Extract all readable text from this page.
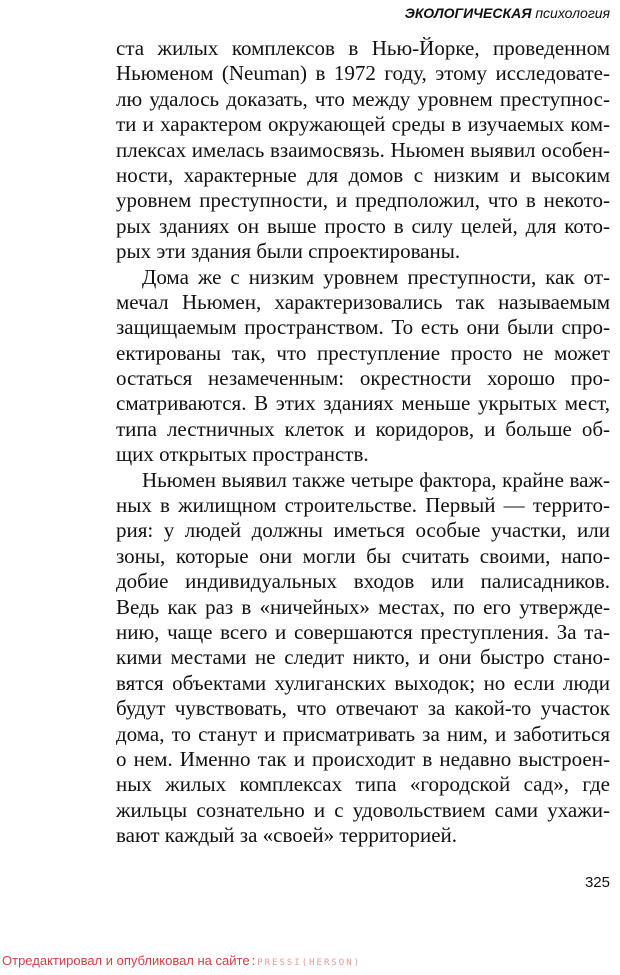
ЭКОЛОГИЧЕСКАЯ психология
ста жилых комплексов в Нью-Йорке, проведенном
Ньюменом (Neuman) в 1972 году, этому исследовате-
лю удалось доказать, что между уровнем преступнос-
ти и характером окружающей среды в изучаемых ком-
плексах имелась взаимосвязь. Ньюмен выявил особен-
ности, характерные для домов с низким и высоким
уровнем преступности, и предположил, что в некото-
рых зданиях он выше просто в силу целей, для кото-
рых эти здания были спроектированы.
Дома же с низким уровнем преступности, как от-
мечал Ньюмен, характеризовались так называемым
защищаемым пространством. То есть они были спро-
ектированы так, что преступление просто не может
остаться незамеченным: окрестности хорошо про-
сматриваются. В этих зданиях меньше укрытых мест,
типа лестничных клеток и коридоров, и больше об-
щих открытых пространств.
Ньюмен выявил также четыре фактора, крайне важ-
ных в жилищном строительстве. Первый — террито-
рия: у людей должны иметься особые участки, или
зоны, которые они могли бы считать своими, напо-
добие индивидуальных входов или палисадников.
Ведь как раз в «ничейных» местах, по его утвержде-
нию, чаще всего и совершаются преступления. За та-
кими местами не следит никто, и они быстро стано-
вятся объектами хулиганских выходок; но если люди
будут чувствовать, что отвечают за какой-то участок
дома, то станут и присматривать за ним, и заботиться
о нем. Именно так и происходит в недавно выстроен-
ных жилых комплексах типа «городской сад», где
жильцы сознательно и с удовольствием сами ухажи-
вают каждый за «своей» территорией.
325
Отредактировал и опубликовал на сайте : PRESSI(HERSON)
